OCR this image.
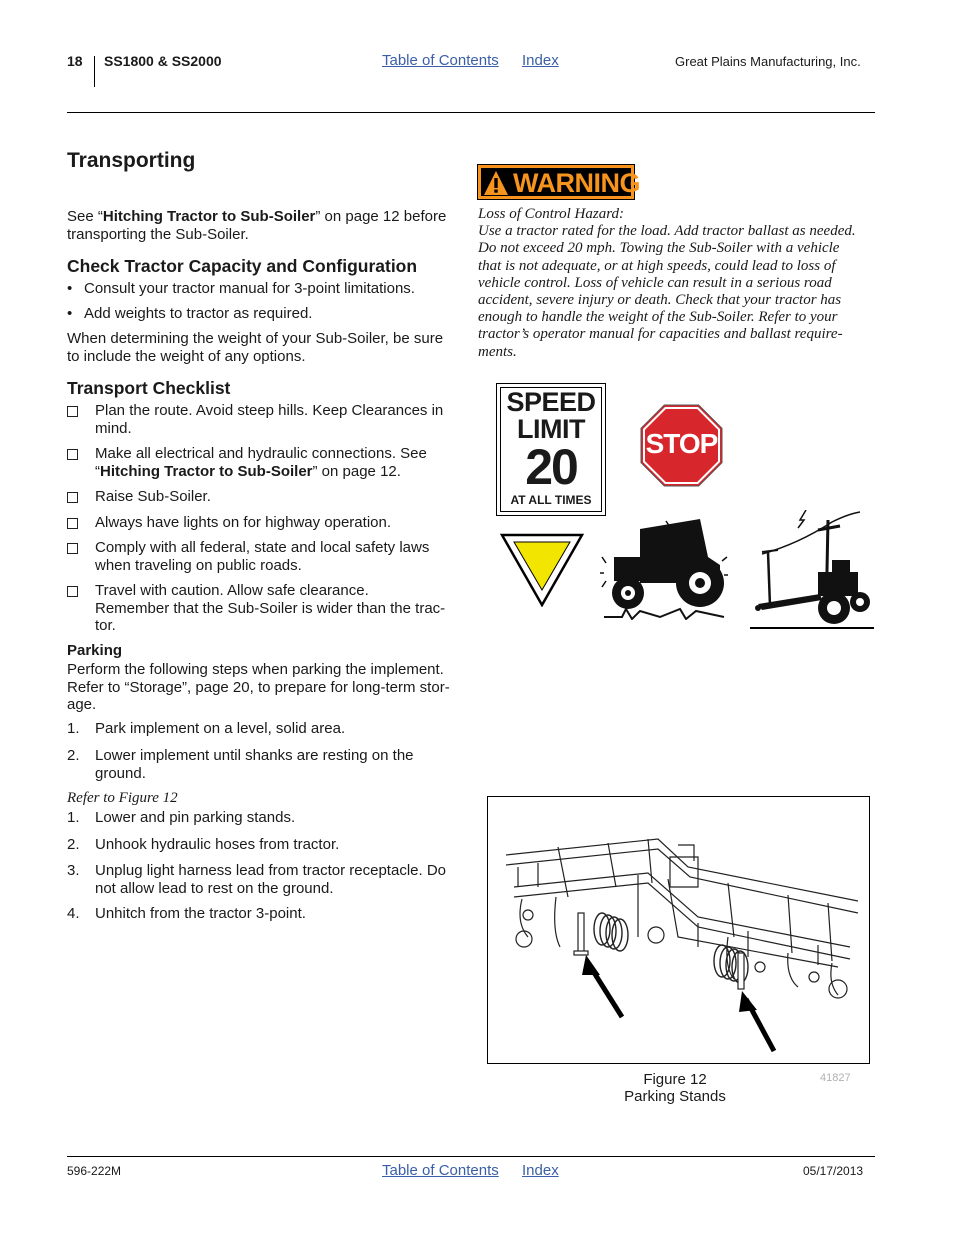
18 SS1800 & SS2000	Table of Contents Index	Great Plains Manufacturing, Inc.
Transporting
See “Hitching Tractor to Sub-Soiler” on page 12 before
transporting the Sub-Soiler.
Check Tractor Capacity and Configuration
• Consult your tractor manual for 3-point limitations.
• Add weights to tractor as required.
When determining the weight of your Sub-Soiler, be sure
to include the weight of any options.
Transport Checklist
Plan the route. Avoid steep hills. Keep Clearances in
mind.
Make all electrical and hydraulic connections. See
“Hitching Tractor to Sub-Soiler” on page 12.
Raise Sub-Soiler.
Always have lights on for highway operation.
Comply with all federal, state and local safety laws
when traveling on public roads.
Travel with caution. Allow safe clearance.
Remember that the Sub-Soiler is wider than the trac-
tor.
Parking
Perform the following steps when parking the implement.
Refer to “Storage”, page 20, to prepare for long-term stor-
age.
1. Park implement on a level, solid area.
2. Lower implement until shanks are resting on the
ground.
Refer to Figure 12
1. Lower and pin parking stands.
2. Unhook hydraulic hoses from tractor.
3. Unplug light harness lead from tractor receptacle. Do
not allow lead to rest on the ground.
4. Unhitch from the tractor 3-point.
WARNING
Loss of Control Hazard:
Use a tractor rated for the load. Add tractor ballast as needed.
Do not exceed 20 mph. Towing the Sub-Soiler with a vehicle
that is not adequate, or at high speeds, could lead to loss of
vehicle control. Loss of vehicle can result in a serious road
accident, severe injury or death. Check that your tractor has
enough to handle the weight of the Sub-Soiler. Refer to your
tractor’s operator manual for capacities and ballast require-
ments.
SPEED
LIMIT
20
AT ALL TIMES
STOP
Figure 12
Parking Stands
41827
596-222M	Table of Contents Index	05/17/2013
